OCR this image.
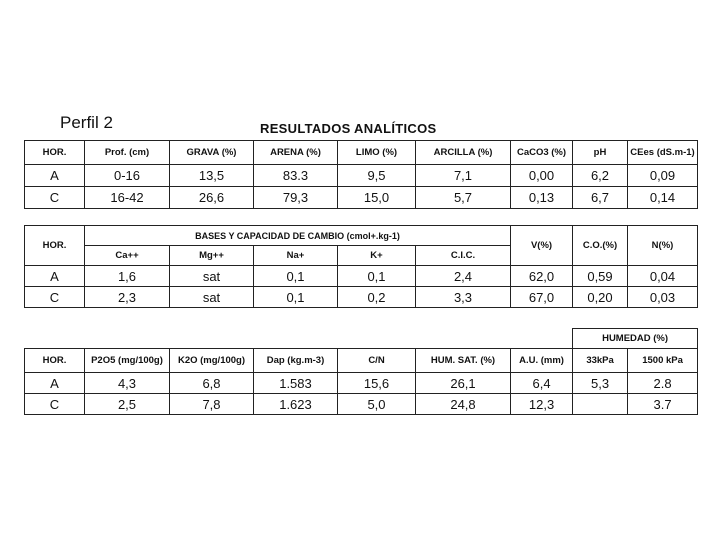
Perfil 2	RESULTADOS ANALÍTICOS
HOR.	Prof. (cm)	GRAVA (%)	ARENA (%)	LIMO (%)	ARCILLA (%)	CaCO3 (%)	pH	CEes (dS.m-1)
A	0-16	13,5	83.3	9,5	7,1	0,00	6,2	0,09
C	16-42	26,6	79,3	15,0	5,7	0,13	6,7	0,14
HOR.	BASES Y CAPACIDAD DE CAMBIO (cmol+.kg-1)					V(%)	C.O.(%)	N(%)
	Ca++	Mg++	Na+	K+	C.I.C.			
A	1,6	sat	0,1	0,1	2,4	62,0	0,59	0,04
C	2,3	sat	0,1	0,2	3,3	67,0	0,20	0,03
							HUMEDAD (%)	
HOR.	P2O5 (mg/100g)	K2O (mg/100g)	Dap (kg.m-3)	C/N	HUM. SAT. (%)	A.U. (mm)	33kPa	1500 kPa
A	4,3	6,8	1.583	15,6	26,1	6,4	5,3	2.8
C	2,5	7,8	1.623	5,0	24,8	12,3		3.7
